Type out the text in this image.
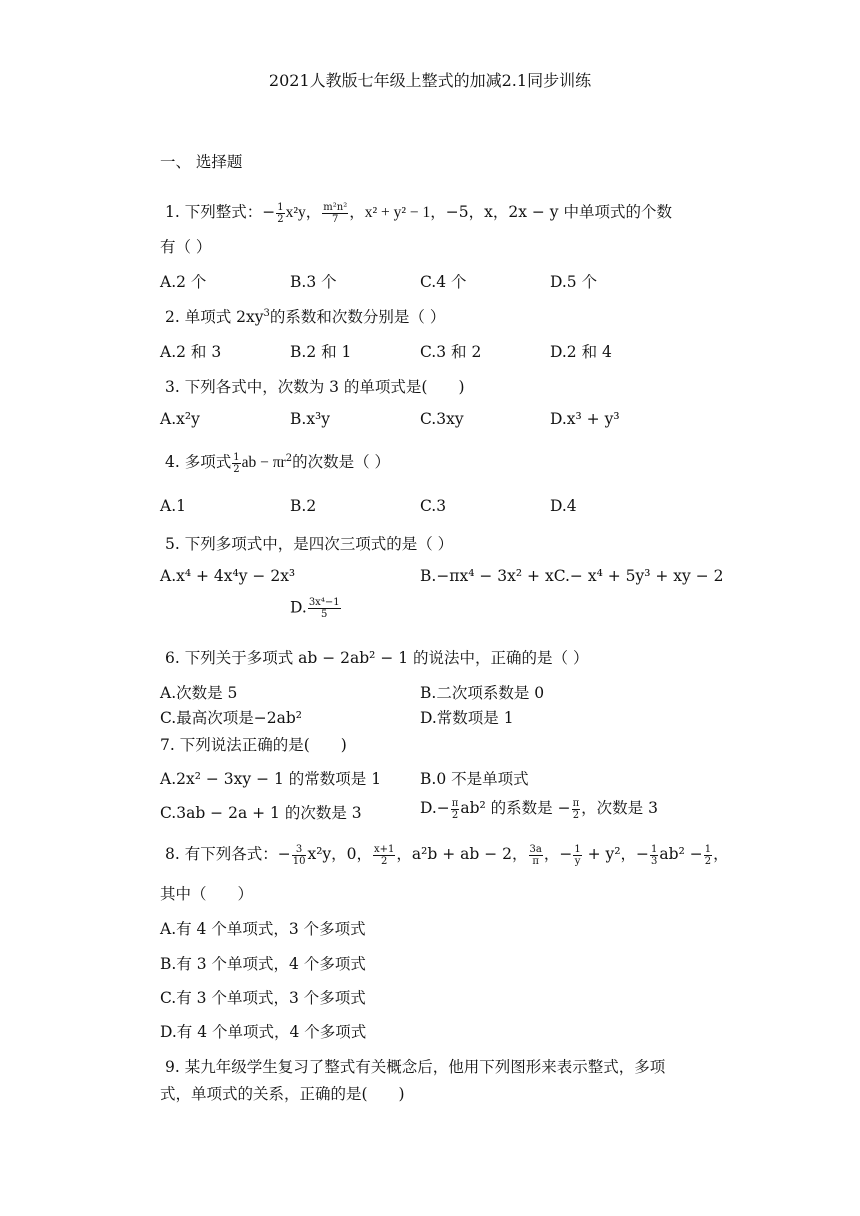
2021人教版七年级上整式的加减2.1同步训练
一、 选择题
1. 下列整式：− $\frac{1}{2} x^2y$， $\frac{\text{m²n²}}{7}$ ，x² + y² − 1，−5，x，2x − y 中单项式的个数
有（ ）
A.2 个	B.3 个	C.4 个	D.5 个
2. 单项式 $2xy^3$的系数和次数分别是（ ）
A.2 和 3	B.2 和 1	C.3 和 2	D.2 和 4
3. 下列各式中，次数为 3 的单项式是(　　)
A.x²y	B.x³y	C.3xy	D.x³ + y³
4. 多项式 $\frac{1}{2}$ ab − $\pi r^2$的次数是（ ）
A.1	B.2	C.3	D.4
5. 下列多项式中，是四次三项式的是（ ）
A.x⁴ + 4x⁴y − 2x³	B.−πx⁴ − 3x² + xC.− x⁴ + 5y³ + xy − 2
D. $\frac{\text{3x⁴−1}}{5}$
6. 下列关于多项式 ab − 2ab² − 1 的说法中，正确的是（ ）
A.次数是 5	B.二次项系数是 0
C.最高次项是−2ab²	D.常数项是 1
7. 下列说法正确的是(　　)
A.2x² − 3xy − 1 的常数项是 1	B.0 不是单项式
C.3ab − 2a + 1 的次数是 3	$D.- \frac{\pi}{2} ab^2$ 的系数是 − $\frac{\pi}{2}$ ，次数是 3
8. 有下列各式：− $\frac{3}{10} x^2y$，0， $\frac{x+1}{2}$ ，a²b + ab − 2， $\frac{3a}{\pi}$ ，− $\frac{1}{y} + y^2$，− $\frac{1}{3} ab^2 - \frac{1}{2}$ ，
其中（　　）
A.有 4 个单项式，3 个多项式
B.有 3 个单项式，4 个多项式
C.有 3 个单项式，3 个多项式
D.有 4 个单项式，4 个多项式
9. 某九年级学生复习了整式有关概念后，他用下列图形来表示整式，多项
式，单项式的关系，正确的是(　　)
